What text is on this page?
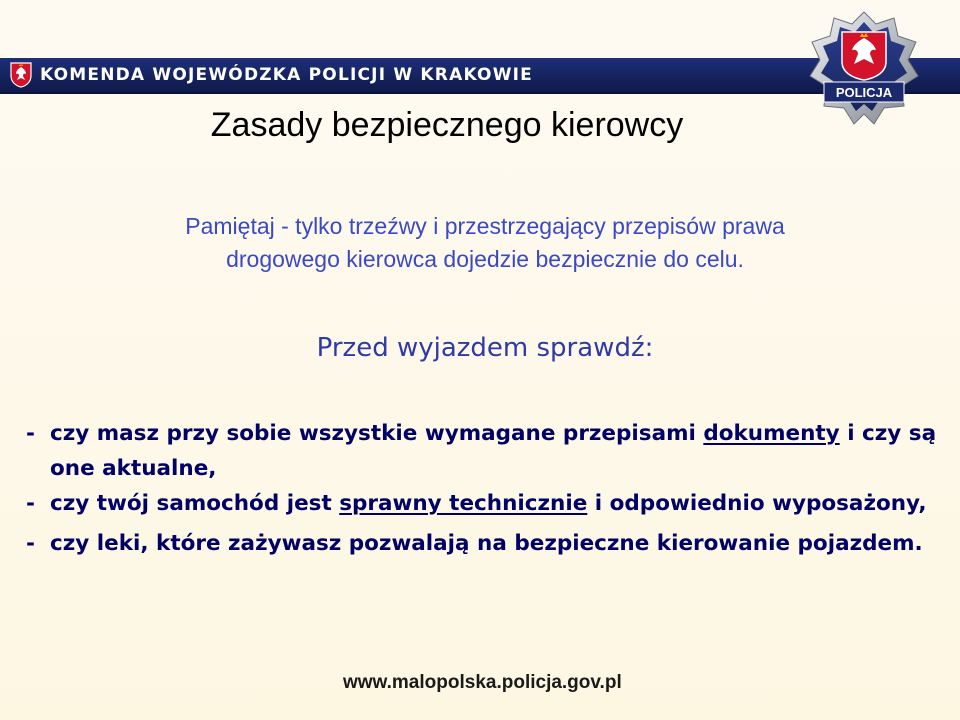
KOMENDA WOJEWÓDZKA POLICJI W KRAKOWIE
POLICJA
Zasady bezpiecznego kierowcy

Pamiętaj - tylko trzeźwy i przestrzegający przepisów prawa
drogowego kierowca dojedzie bezpiecznie do celu.

Przed wyjazdem sprawdź:

- czy masz przy sobie wszystkie wymagane przepisami dokumenty i czy są one aktualne,
- czy twój samochód jest sprawny technicznie i odpowiednio wyposażony,
- czy leki, które zażywasz pozwalają na bezpieczne kierowanie pojazdem.
www.malopolska.policja.gov.pl
